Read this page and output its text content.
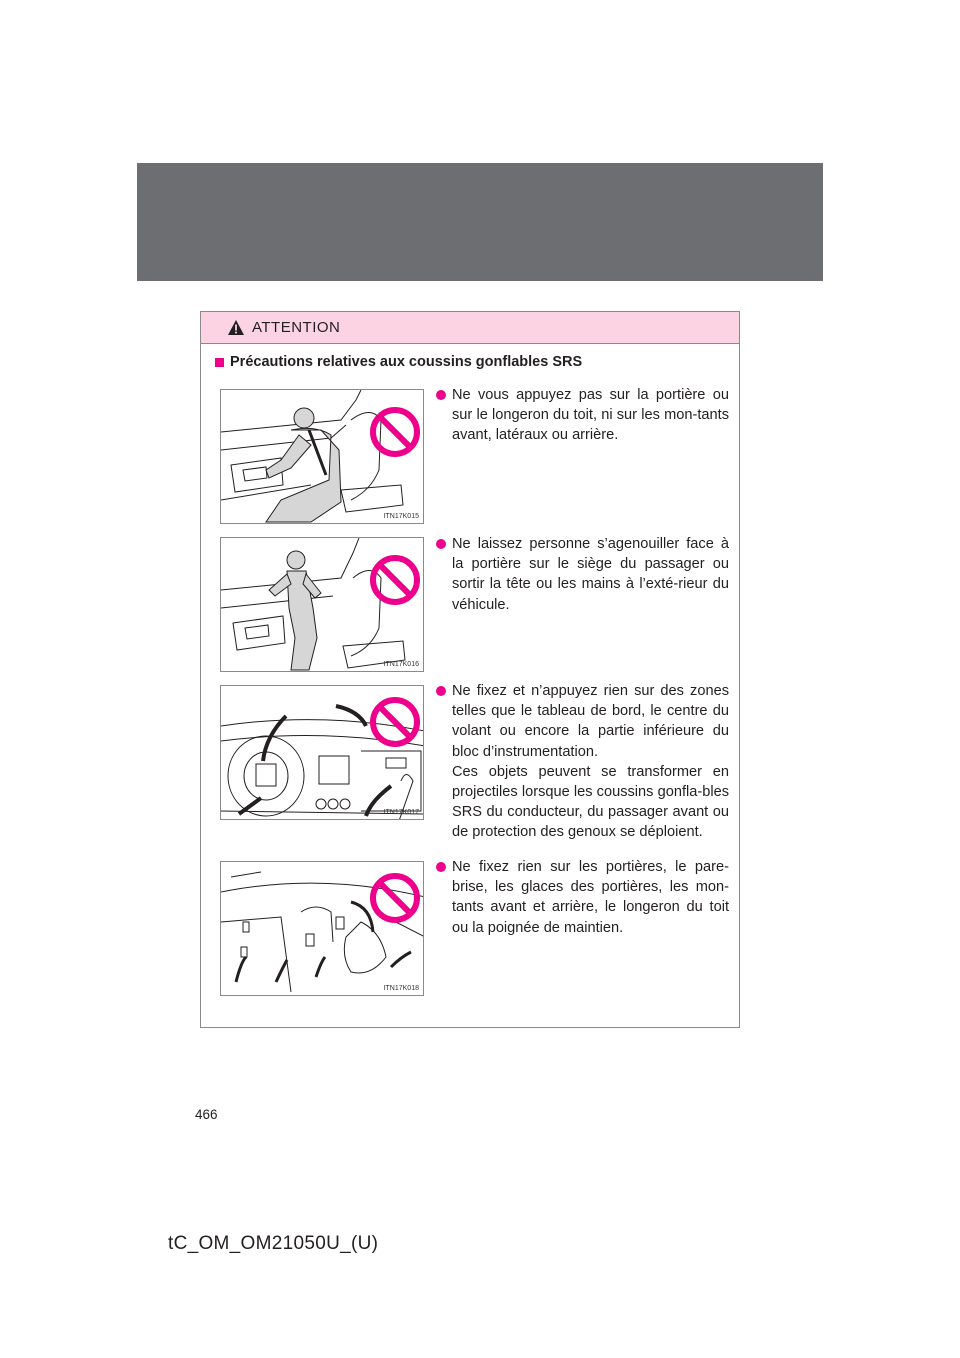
ATTENTION
Précautions relatives aux coussins gonflables SRS
ITN17K015

Ne vous appuyez pas sur la portière ou sur le longeron du toit, ni sur les mon-tants avant, latéraux ou arrière.

ITN17K016

Ne laissez personne s’agenouiller face à la portière sur le siège du passager ou sortir la tête ou les mains à l’exté-rieur du véhicule.

ITN17K017

Ne fixez et n’appuyez rien sur des zones telles que le tableau de bord, le centre du volant ou encore la partie inférieure du bloc d’instrumentation.

Ces objets peuvent se transformer en projectiles lorsque les coussins gonfla-bles SRS du conducteur, du passager avant ou de protection des genoux se déploient.

ITN17K018

Ne fixez rien sur les portières, le pare-brise, les glaces des portières, les mon-tants avant et arrière, le longeron du toit ou la poignée de maintien.

466
tC_OM_OM21050U_(U)
